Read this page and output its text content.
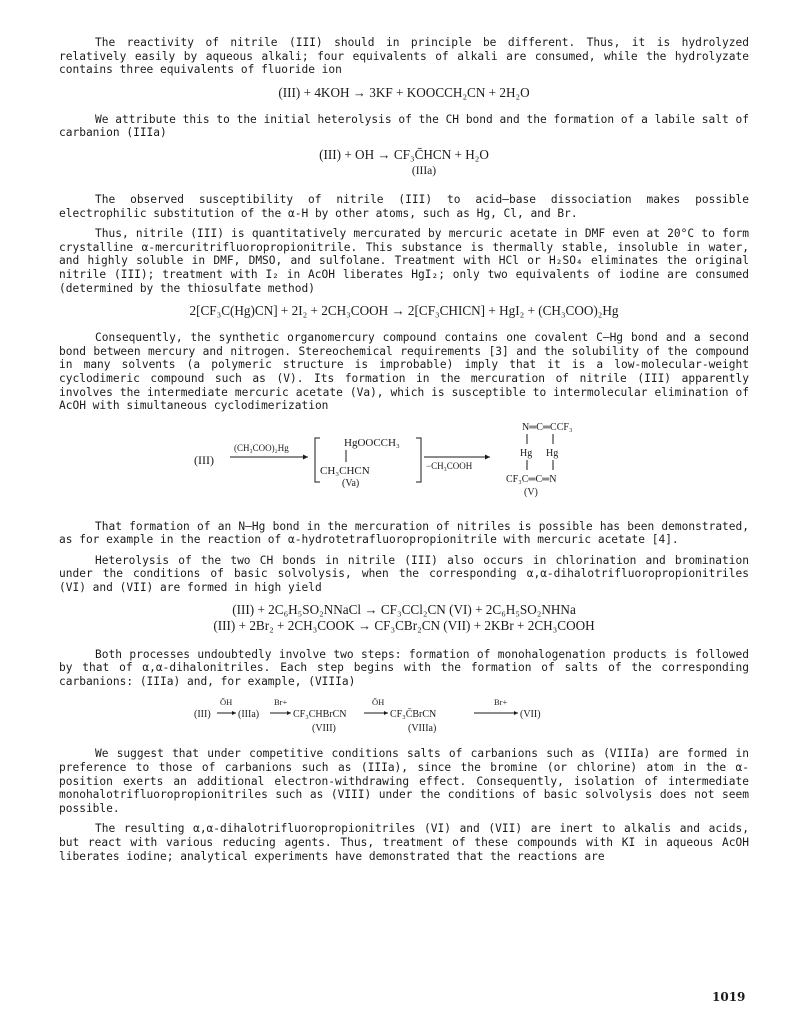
The reactivity of nitrile (III) should in principle be different. Thus, it is hydrolyzed relatively easily by aqueous alkali; four equivalents of alkali are consumed, while the hydrolyzate contains three equivalents of fluoride ion

(III) + 4KOH → 3KF + KOOCCH₂CN + 2H₂O

We attribute this to the initial heterolysis of the CH bond and the formation of a labile salt of carbanion (IIIa)

(III) + OH → CF₃C̄HCN + H₂O
(IIIa)

The observed susceptibility of nitrile (III) to acid–base dissociation makes possible electrophilic substitution of the α-H by other atoms, such as Hg, Cl, and Br.

Thus, nitrile (III) is quantitatively mercurated by mercuric acetate in DMF even at 20°C to form crystalline α-mercuritrifluoropropionitrile. This substance is thermally stable, insoluble in water, and highly soluble in DMF, DMSO, and sulfolane. Treatment with HCl or H₂SO₄ eliminates the original nitrile (III); treatment with I₂ in AcOH liberates HgI₂; only two equivalents of iodine are consumed (determined by the thiosulfate method)

2[CF₃C(Hg)CN] + 2I₂ + 2CH₃COOH → 2[CF₃CHICN] + HgI₂ + (CH₃COO)₂Hg

Consequently, the synthetic organomercury compound contains one covalent C–Hg bond and a second bond between mercury and nitrogen. Stereochemical requirements [3] and the solubility of the compound in many solvents (a polymeric structure is improbable) imply that it is a low-molecular-weight cyclodimeric compound such as (V). Its formation in the mercuration of nitrile (III) apparently involves the intermediate mercuric acetate (Va), which is susceptible to intermolecular elimination of AcOH with simultaneous cyclodimerization

(III)
(CH₃COO)₂Hg	HgOOCCH₃
CH₃CHCN
(Va)
−CH₃COOH
N═C═CCF₃
Hg Hg
CF₃C═C═N
(V)

That formation of an N–Hg bond in the mercuration of nitriles is possible has been demonstrated, as for example in the reaction of α-hydrotetrafluoropropionitrile with mercuric acetate [4].

Heterolysis of the two CH bonds in nitrile (III) also occurs in chlorination and bromination under the conditions of basic solvolysis, when the corresponding α,α-dihalotrifluoropropionitriles (VI) and (VII) are formed in high yield

(III) + 2C₆H₅SO₂NNaCl → CF₃CCl₂CN (VI) + 2C₆H₅SO₂NHNa
(III) + 2Br₂ + 2CH₃COOK → CF₃CBr₂CN (VII) + 2KBr + 2CH₃COOH

Both processes undoubtedly involve two steps: formation of monohalogenation products is followed by that of α,α-dihalonitriles. Each step begins with the formation of salts of the corresponding carbanions: (IIIa) and, for example, (VIIIa)

(III)
ŌH
(IIIa)
Br+
CF₃CHBrCN
(VIII)
ŌH
CF₃C̄BrCN
(VIIIa)
Br+
(VII)

We suggest that under competitive conditions salts of carbanions such as (VIIIa) are formed in preference to those of carbanions such as (IIIa), since the bromine (or chlorine) atom in the α-position exerts an additional electron-withdrawing effect. Consequently, isolation of intermediate monohalotrifluoropropionitriles such as (VIII) under the conditions of basic solvolysis does not seem possible.

The resulting α,α-dihalotrifluoropropionitriles (VI) and (VII) are inert to alkalis and acids, but react with various reducing agents. Thus, treatment of these compounds with KI in aqueous AcOH liberates iodine; analytical experiments have demonstrated that the reactions are

1019
